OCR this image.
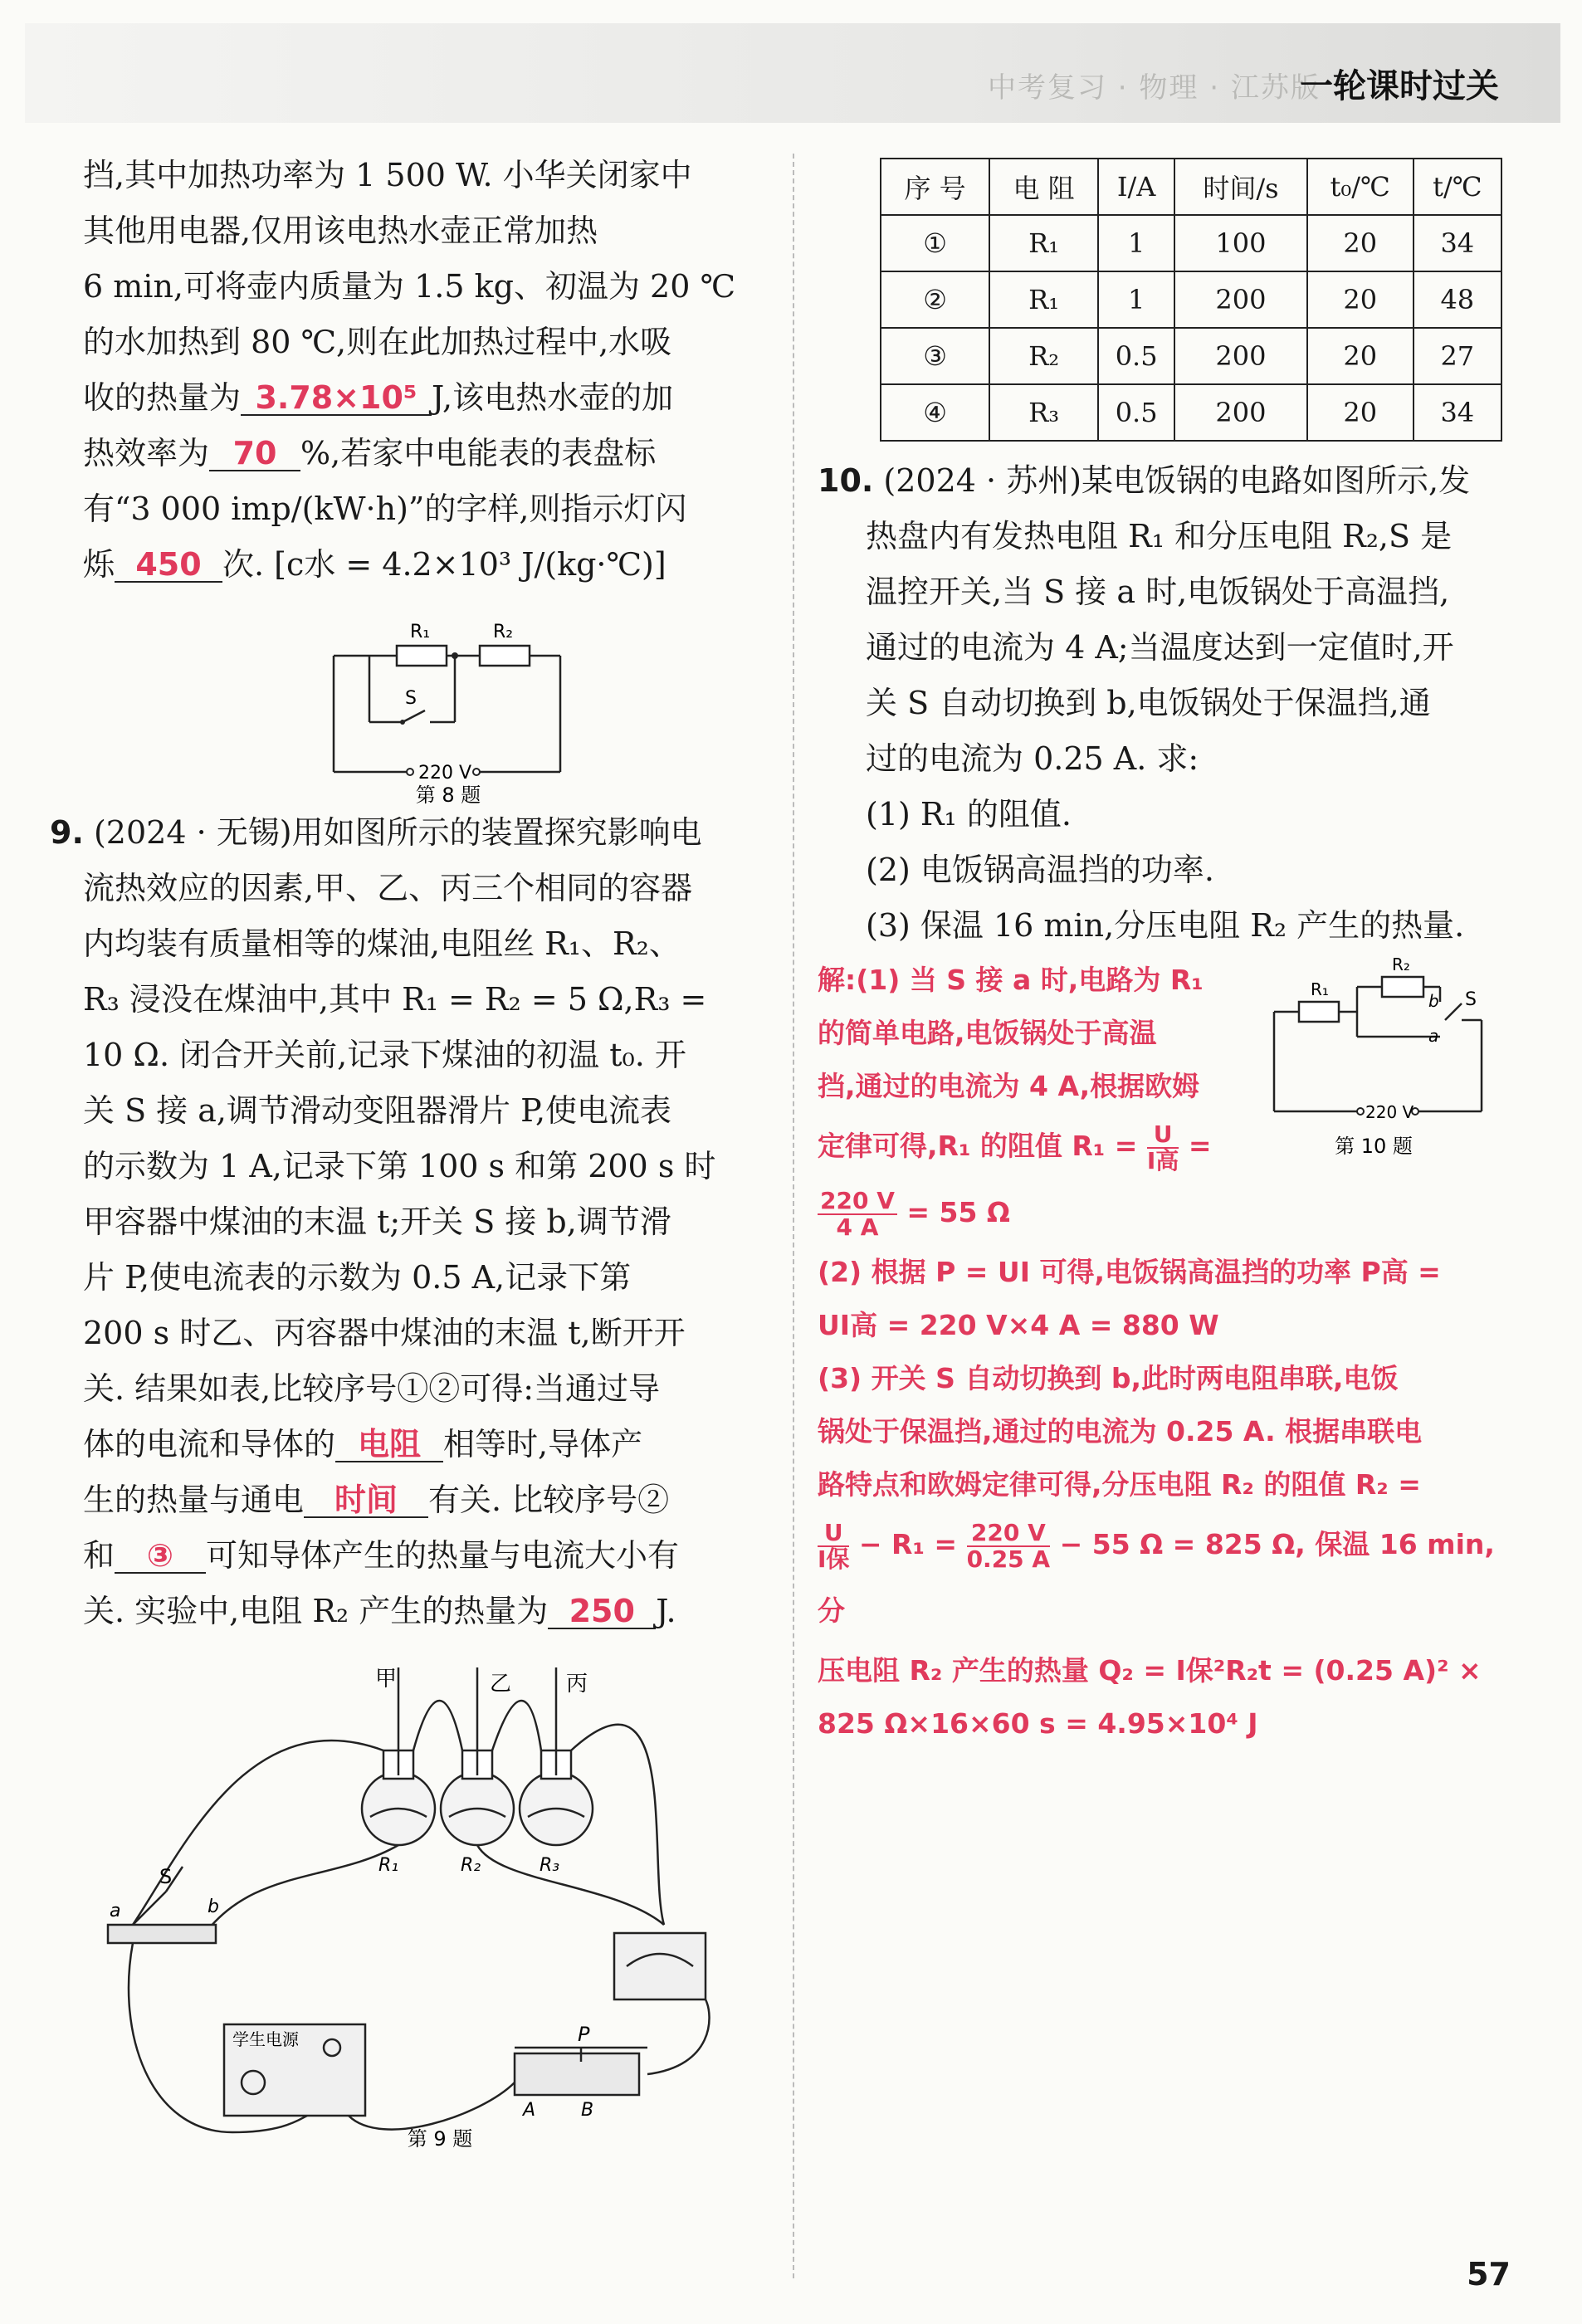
中考复习 · 物理 · 江苏版
一轮课时过关

挡,其中加热功率为 1 500 W. 小华关闭家中

其他用电器,仅用该电热水壶正常加热

6 min,可将壶内质量为 1.5 kg、初温为 20 ℃

的水加热到 80 ℃,则在此加热过程中,水吸

收的热量为 3.78×10⁵ J,该电热水壶的加

热效率为 70 %,若家中电能表的表盘标

有“3 000 imp/(kW·h)”的字样,则指示灯闪

烁 450 次. [c水 = 4.2×10³ J/(kg·℃)]

R₁	R₂
S
220 V
第 8 题

9. (2024 · 无锡)用如图所示的装置探究影响电

流热效应的因素,甲、乙、丙三个相同的容器

内均装有质量相等的煤油,电阻丝 R₁、R₂、

R₃ 浸没在煤油中,其中 R₁ = R₂ = 5 Ω,R₃ =

10 Ω. 闭合开关前,记录下煤油的初温 t₀. 开

关 S 接 a,调节滑动变阻器滑片 P,使电流表

的示数为 1 A,记录下第 100 s 和第 200 s 时

甲容器中煤油的末温 t;开关 S 接 b,调节滑

片 P,使电流表的示数为 0.5 A,记录下第

200 s 时乙、丙容器中煤油的末温 t,断开开

关. 结果如表,比较序号①②可得:当通过导

体的电流和导体的 电阻 相等时,导体产

生的热量与通电 时间 有关. 比较序号②

和 ③ 可知导体产生的热量与电流大小有

关. 实验中,电阻 R₂ 产生的热量为 250 J.

甲	乙	丙
R₁	R₂	R₃
S
a	b
P
A B
学生电源
第 9 题
序 号	电 阻	I/A	时间/s	t₀/℃	t/℃
①	R₁	1	100	20	34
②	R₁	1	200	20	48
③	R₂	0.5	200	20	27
④	R₃	0.5	200	20	34

10. (2024 · 苏州)某电饭锅的电路如图所示,发

热盘内有发热电阻 R₁ 和分压电阻 R₂,S 是

温控开关,当 S 接 a 时,电饭锅处于高温挡,

通过的电流为 4 A;当温度达到一定值时,开

关 S 自动切换到 b,电饭锅处于保温挡,通

过的电流为 0.25 A. 求:

(1) R₁ 的阻值.

(2) 电饭锅高温挡的功率.

(3) 保温 16 min,分压电阻 R₂ 产生的热量.

解:(1) 当 S 接 a 时,电路为 R₁

的简单电路,电饭锅处于高温

挡,通过的电流为 4 A,根据欧姆

定律可得,R₁ 的阻值 $R_1 = \frac{U}{\text{I高}}$ =

$\frac{220 V}{4 A} = 55$ Ω

R₁
R₂
S
b
a
220 V
第 10 题

(2) 根据 P = UI 可得,电饭锅高温挡的功率 P高 =

UI高 = 220 V×4 A = 880 W

(3) 开关 S 自动切换到 b,此时两电阻串联,电饭

锅处于保温挡,通过的电流为 0.25 A. 根据串联电

路特点和欧姆定律可得,分压电阻 R₂ 的阻值 R₂ =

$\frac{U}{\text{I保}} - R_1 = \frac{220 V}{0.25 A} - 55$ Ω = 825 Ω, 保温 16 min,分

压电阻 R₂ 产生的热量 Q₂ = I保²R₂t = (0.25 A)² ×

825 Ω×16×60 s = 4.95×10⁴ J

57
